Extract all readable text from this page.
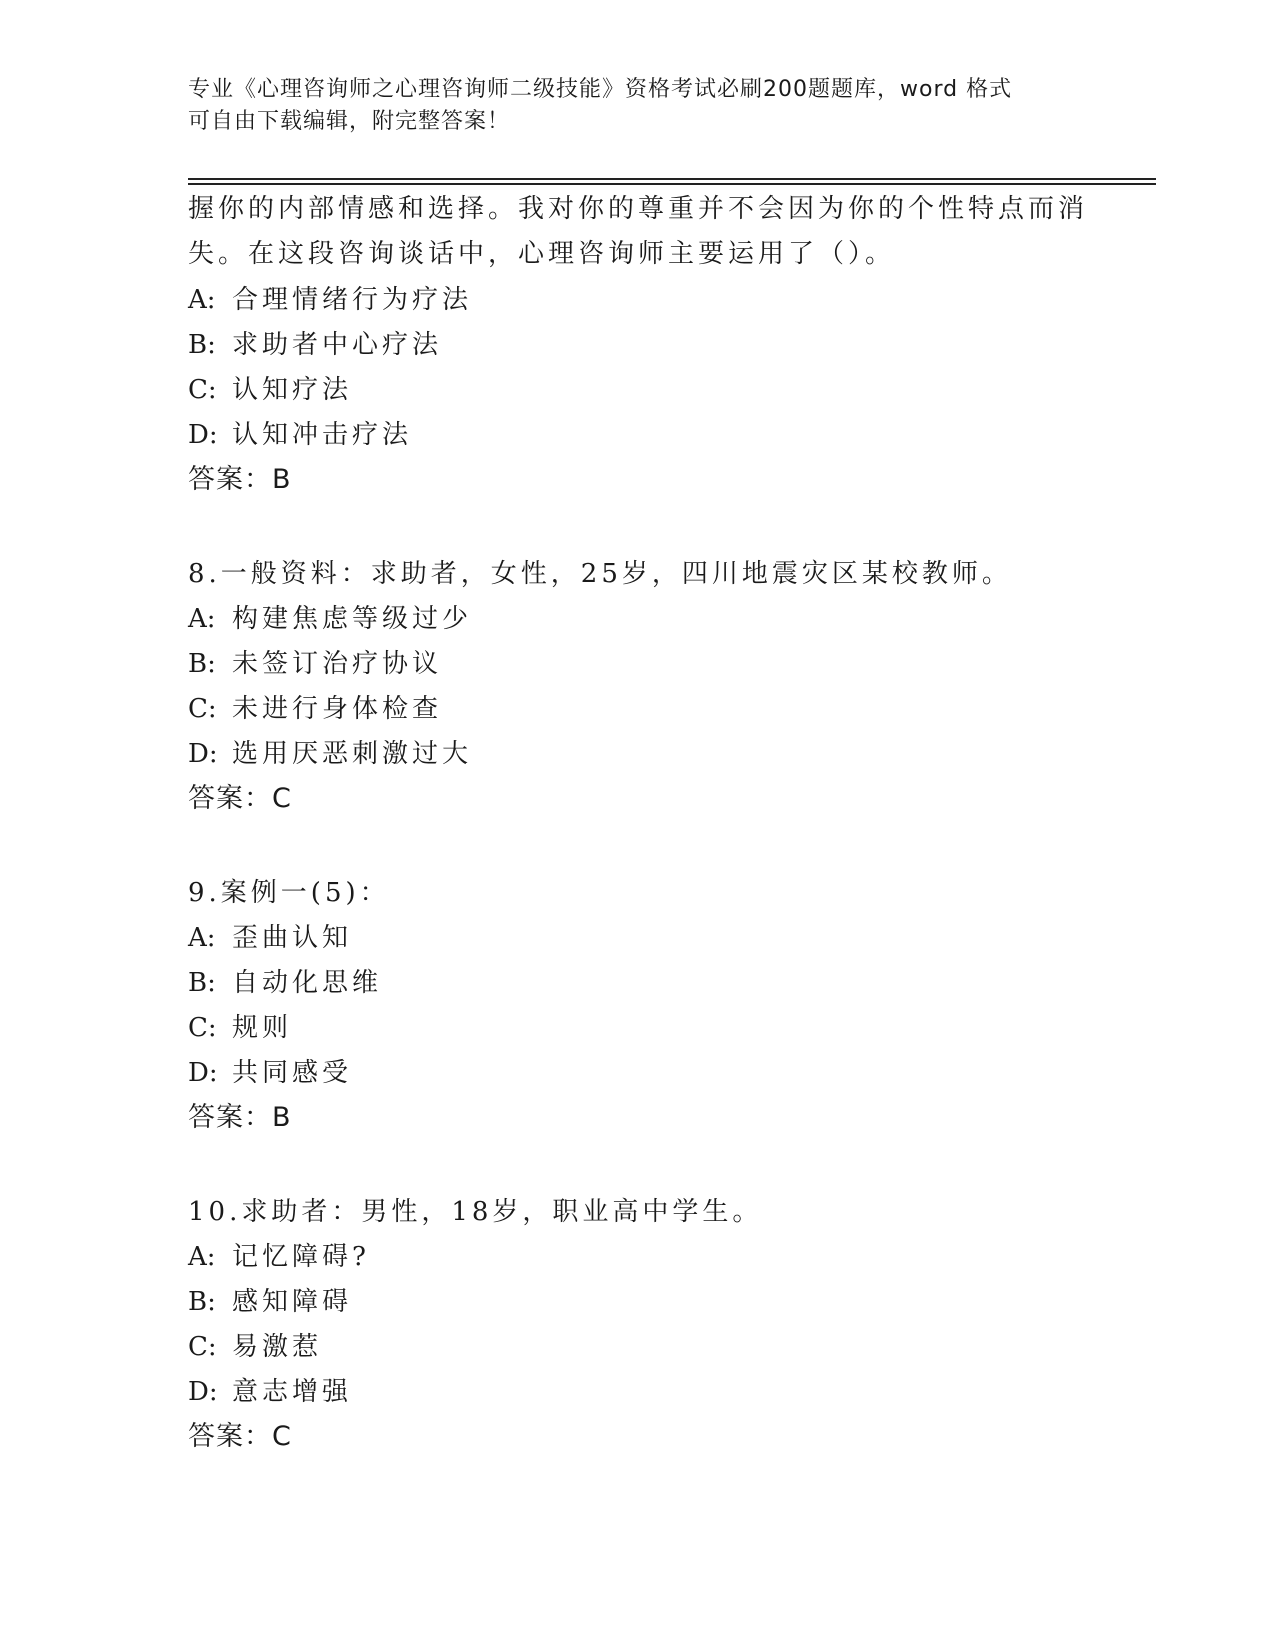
专业《心理咨询师之心理咨询师二级技能》资格考试必刷200题题库，word 格式
可自由下载编辑，附完整答案！
握你的内部情感和选择。我对你的尊重并不会因为你的个性特点而消
失。在这段咨询谈话中，心理咨询师主要运用了（）。
A: 合理情绪行为疗法
B: 求助者中心疗法
C: 认知疗法
D: 认知冲击疗法
答案：B
8.一般资料：求助者，女性，25岁，四川地震灾区某校教师。
A: 构建焦虑等级过少
B: 未签订治疗协议
C: 未进行身体检查
D: 选用厌恶刺激过大
答案：C
9.案例一(5)：
A: 歪曲认知
B: 自动化思维
C: 规则
D: 共同感受
答案：B
10.求助者：男性，18岁，职业高中学生。
A: 记忆障碍?
B: 感知障碍
C: 易激惹
D: 意志增强
答案：C
